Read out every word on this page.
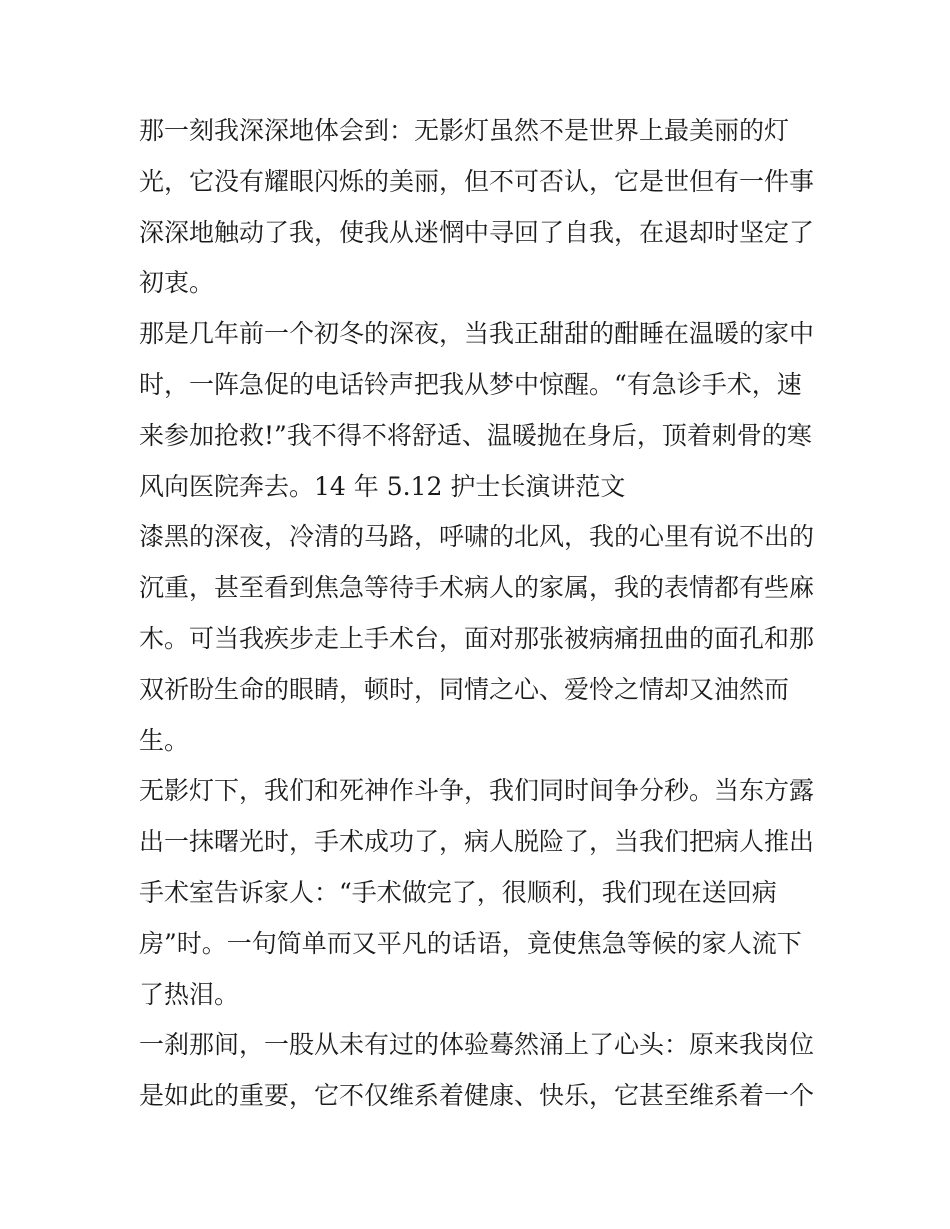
那一刻我深深地体会到：无影灯虽然不是世界上最美丽的灯
光，它没有耀眼闪烁的美丽，但不可否认，它是世但有一件事
深深地触动了我，使我从迷惘中寻回了自我，在退却时坚定了
初衷。

那是几年前一个初冬的深夜，当我正甜甜的酣睡在温暖的家中
时，一阵急促的电话铃声把我从梦中惊醒。“有急诊手术，速
来参加抢救!”我不得不将舒适、温暖抛在身后，顶着刺骨的寒
风向医院奔去。14 年 5.12 护士长演讲范文

漆黑的深夜，冷清的马路，呼啸的北风，我的心里有说不出的
沉重，甚至看到焦急等待手术病人的家属，我的表情都有些麻
木。可当我疾步走上手术台，面对那张被病痛扭曲的面孔和那
双祈盼生命的眼睛，顿时，同情之心、爱怜之情却又油然而
生。

无影灯下，我们和死神作斗争，我们同时间争分秒。当东方露
出一抹曙光时，手术成功了，病人脱险了，当我们把病人推出
手术室告诉家人：“手术做完了，很顺利，我们现在送回病
房”时。一句简单而又平凡的话语，竟使焦急等候的家人流下
了热泪。

一刹那间，一股从未有过的体验蓦然涌上了心头：原来我岗位
是如此的重要，它不仅维系着健康、快乐，它甚至维系着一个
